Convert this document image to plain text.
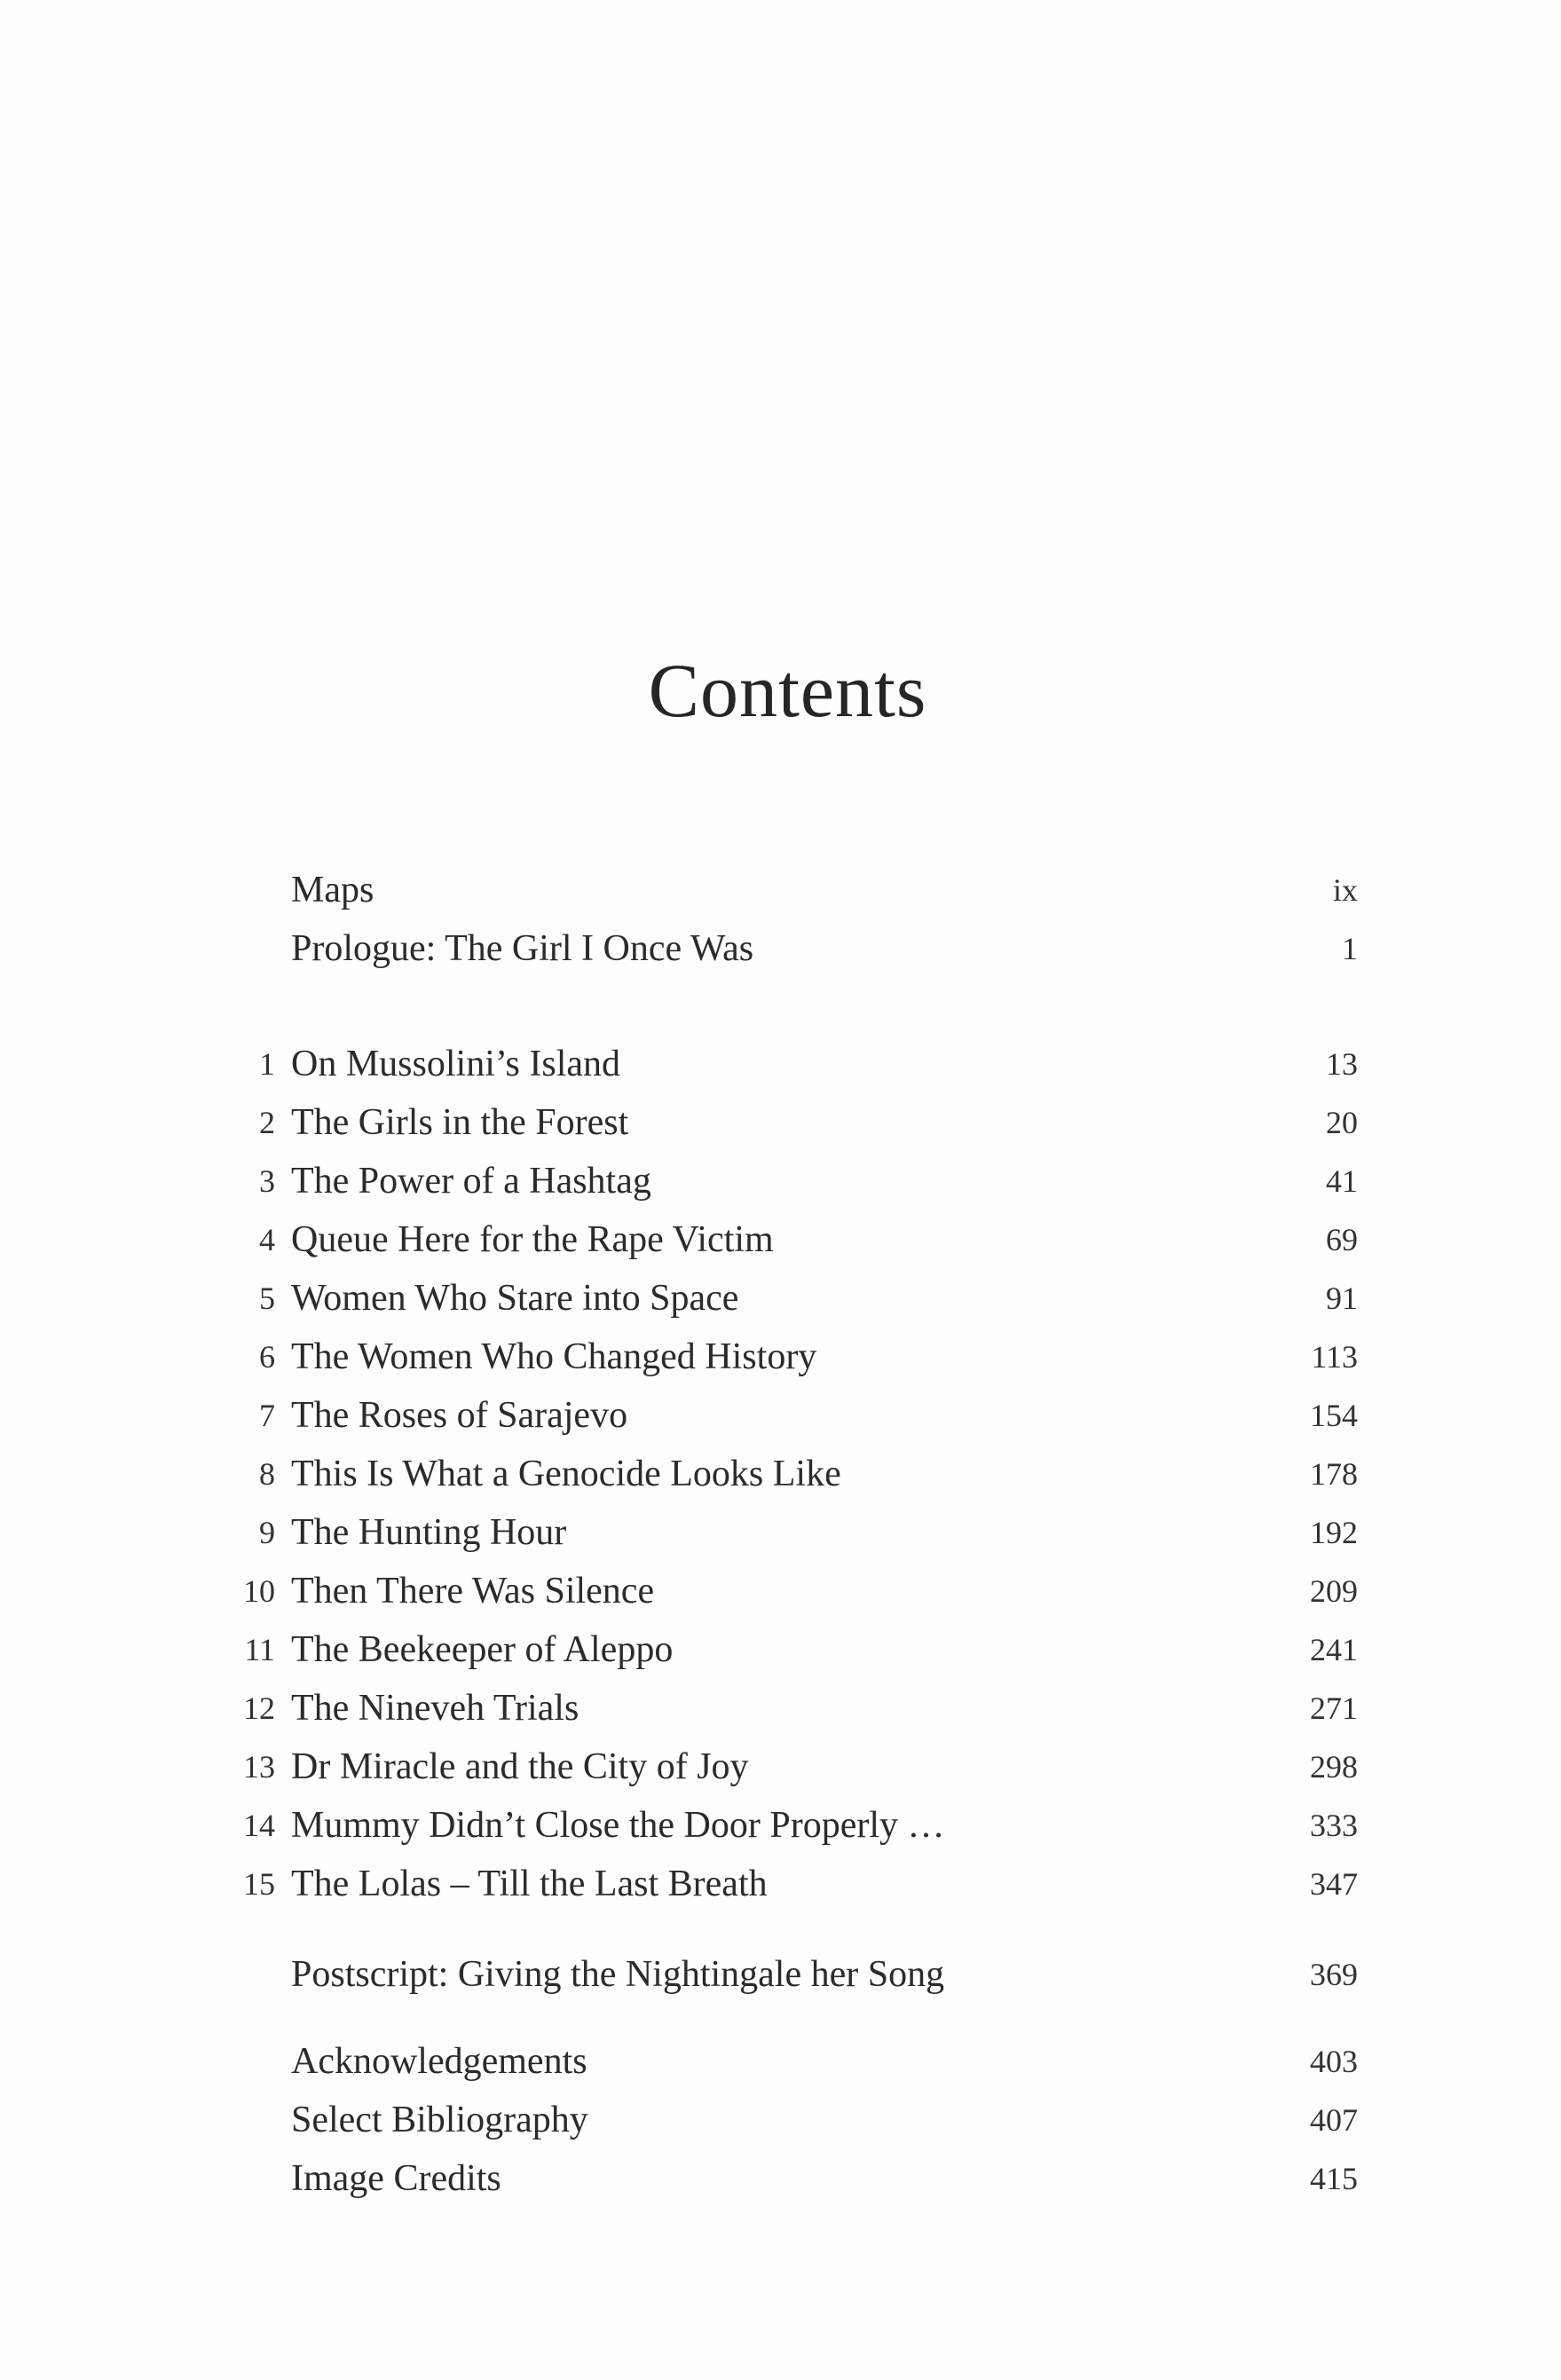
Contents
Maps	ix
Prologue: The Girl I Once Was	1
1 On Mussolini’s Island	13
2 The Girls in the Forest	20
3 The Power of a Hashtag	41
4 Queue Here for the Rape Victim	69
5 Women Who Stare into Space	91
6 The Women Who Changed History	113
7 The Roses of Sarajevo	154
8 This Is What a Genocide Looks Like	178
9 The Hunting Hour	192
10 Then There Was Silence	209
11 The Beekeeper of Aleppo	241
12 The Nineveh Trials	271
13 Dr Miracle and the City of Joy	298
14 Mummy Didn’t Close the Door Properly …	333
15 The Lolas – Till the Last Breath	347
Postscript: Giving the Nightingale her Song	369
Acknowledgements	403
Select Bibliography	407
Image Credits	415
